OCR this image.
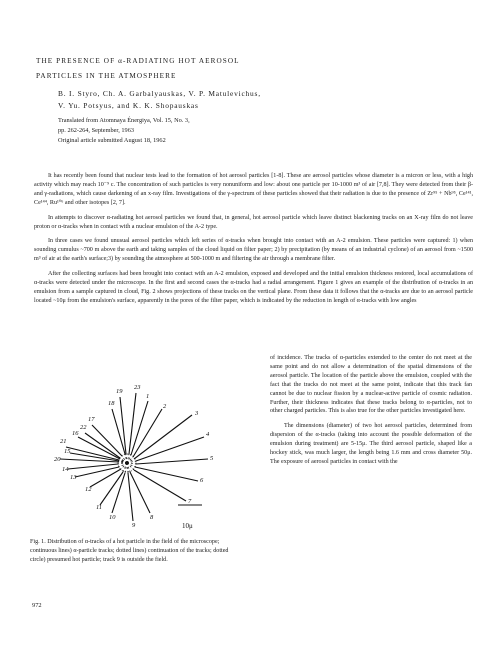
THE PRESENCE OF α-RADIATING HOT AEROSOL
PARTICLES IN THE ATMOSPHERE
B. I. Styro, Ch. A. Garbalyauskas, V. P. Matulevichus,
V. Yu. Potsyus, and K. K. Shopauskas
Translated from Atomnaya Énergiya, Vol. 15, No. 3,
pp. 262-264, September, 1963
Original article submitted August 18, 1962

It has recently been found that nuclear tests lead to the formation of hot aerosol particles [1-8]. These are aerosol particles whose diameter is a micron or less, with a high activity which may reach 10⁻⁹ c. The concentration of such particles is very nonuniform and low: about one particle per 10-1000 m³ of air [7,8]. They were detected from their β- and γ-radiations, which cause darkening of an x-ray film. Investigations of the γ-spectrum of these particles showed that their radiation is due to the presence of Zr⁹⁵ + Nb⁹⁵, Ce¹⁴¹, Ce¹⁴⁴, Ru¹⁰⁶ and other isotopes [2, 7].

In attempts to discover α-radiating hot aerosol particles we found that, in general, hot aerosol particle which leave distinct blackening tracks on an X-ray film do not leave proton or α-tracks when in contact with a nuclear emulsion of the A-2 type.

In three cases we found unusual aerosol particles which left series of α-tracks when brought into contact with an A-2 emulsion. These particles were captured: 1) when sounding cumulus ~700 m above the earth and taking samples of the cloud liquid on filter paper; 2) by precipitation (by means of an industrial cyclone) of an aerosol from ~1500 m³ of air at the earth's surface;3) by sounding the atmosphere at 500-1000 m and filtering the air through a membrane filter.

After the collecting surfaces had been brought into contact with an A-2 emulsion, exposed and developed and the initial emulsion thickness restored, local accumulations of α-tracks were detected under the microscope. In the first and second cases the α-tracks had a radial arrangement. Figure 1 gives an example of the distribution of α-tracks in an emulsion from a sample captured in cloud, Fig. 2 shows projections of these tracks on the vertical plane. From these data it follows that the α-tracks are due to an aerosol particle located ~10μ from the emulsion's surface, apparently in the pores of the filter paper, which is indicated by the reduction in length of α-tracks with low angles

of incidence. The tracks of α-particles extended to the center do not meet at the same point and do not allow a determination of the spatial dimensions of the aerosol particle. The location of the particle above the emulsion, coupled with the fact that the tracks do not meet at the same point, indicate that this track fan cannot be due to nuclear fission by a nuclear-active particle of cosmic radiation. Further, their thickness indicates that these tracks belong to α-particles, not to other charged particles. This is also true for the other particles investigated here.

The dimensions (diameter) of two hot aerosol particles, determined from dispersion of the α-tracks (taking into account the possible deformation of the emulsion during treatment) are 5-15μ. The third aerosol particle, shaped like a hockey stick, was much larger, the length being 1.6 mm and cross diameter 50μ. The exposure of aerosol particles in contact with the

1
2
3
4
5
6
7
8
9
10
11
12
13
14
15
16
17
18
19
20
21
22
23
10μ
Fig. 1. Distribution of α-tracks of a hot particle in the field of the microscope; continuous lines) α-particle tracks; dotted lines) continuation of the tracks; dotted circle) presumed hot particle; track 9 is outside the field.
972
